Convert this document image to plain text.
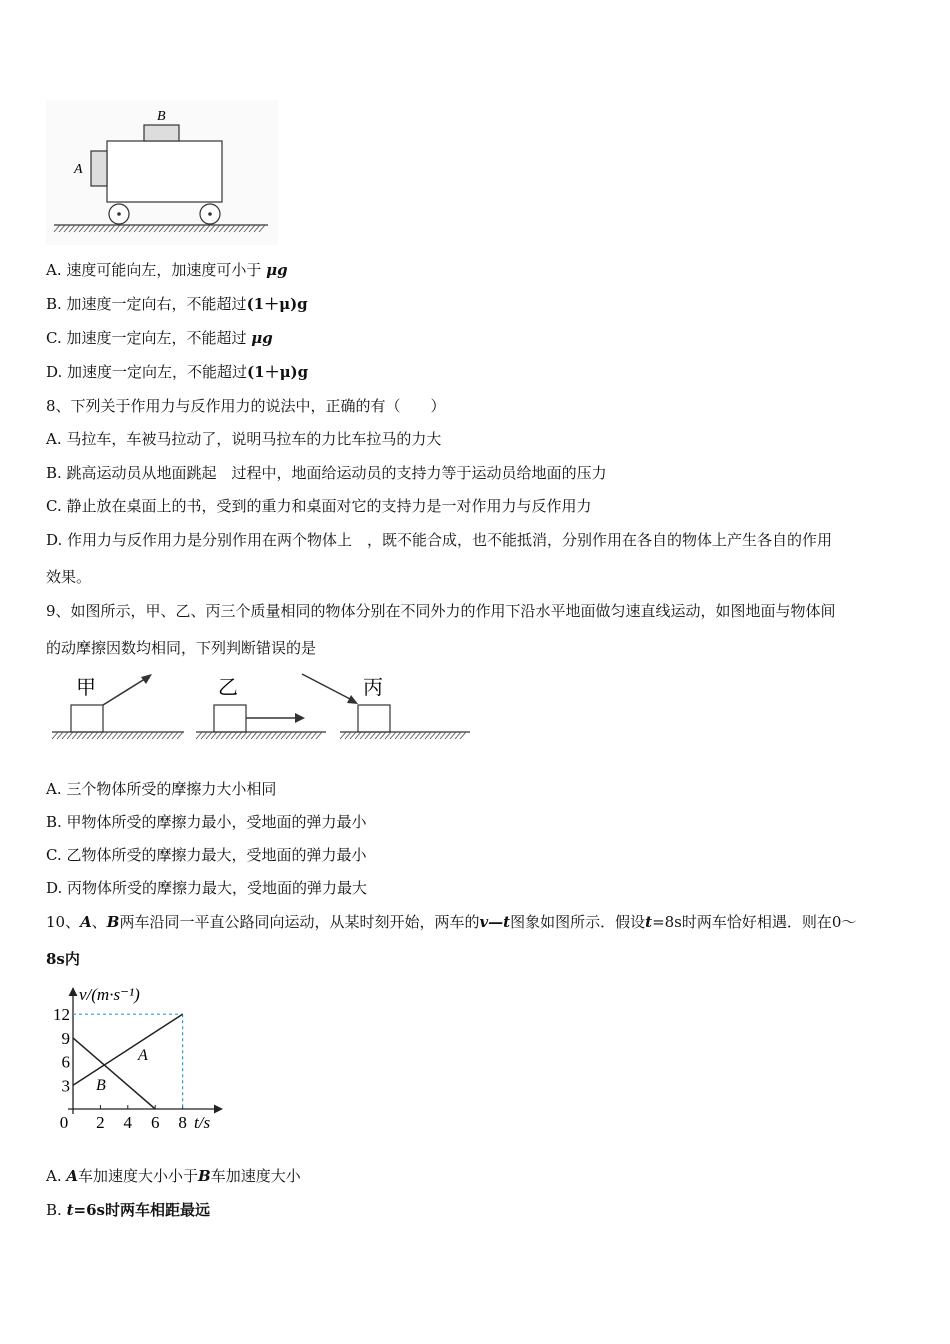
B
A
A. 速度可能向左，加速度可小于 μg
B. 加速度一定向右，不能超过(1＋μ)g
C. 加速度一定向左，不能超过 μg
D. 加速度一定向左，不能超过(1＋μ)g
8、下列关于作用力与反作用力的说法中，正确的有（　　）
A. 马拉车，车被马拉动了，说明马拉车的力比车拉马的力大
B. 跳高运动员从地面跳起　过程中，地面给运动员的支持力等于运动员给地面的压力
C. 静止放在桌面上的书，受到的重力和桌面对它的支持力是一对作用力与反作用力
D. 作用力与反作用力是分别作用在两个物体上　，既不能合成，也不能抵消，分别作用在各自的物体上产生各自的作用
效果。
9、如图所示，甲、乙、丙三个质量相同的物体分别在不同外力的作用下沿水平地面做匀速直线运动，如图地面与物体间
的动摩擦因数均相同，下列判断错误的是
甲	乙	丙
A. 三个物体所受的摩擦力大小相同
B. 甲物体所受的摩擦力最小，受地面的弹力最小
C. 乙物体所受的摩擦力最大，受地面的弹力最小
D. 丙物体所受的摩擦力最大，受地面的弹力最大
10、A、B两车沿同一平直公路同向运动，从某时刻开始，两车的v—t图象如图所示．假设t=8s时两车恰好相遇．则在0～
8s内
v/(m·s⁻¹)
t/s
12
9
6
3
0 2 4 6 8
A
B
A. A车加速度大小小于B车加速度大小
B. t=6s时两车相距最远
